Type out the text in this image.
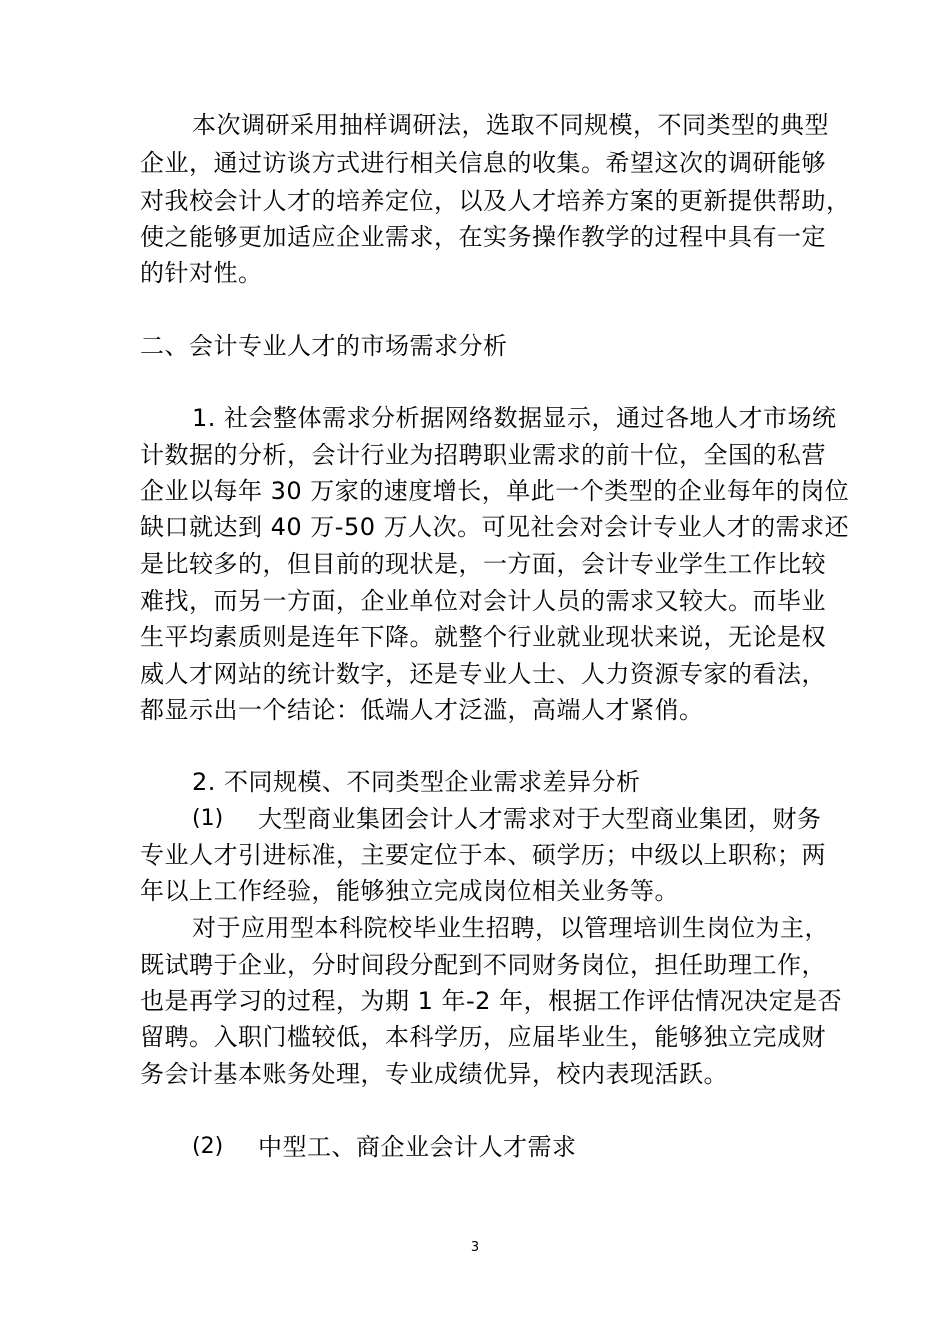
本次调研采用抽样调研法，选取不同规模，不同类型的典型
企业，通过访谈方式进行相关信息的收集。希望这次的调研能够
对我校会计人才的培养定位，以及人才培养方案的更新提供帮助，
使之能够更加适应企业需求，在实务操作教学的过程中具有一定
的针对性。
二、会计专业人才的市场需求分析
1. 社会整体需求分析据网络数据显示，通过各地人才市场统
计数据的分析，会计行业为招聘职业需求的前十位，全国的私营
企业以每年 30 万家的速度增长，单此一个类型的企业每年的岗位
缺口就达到 40 万-50 万人次。可见社会对会计专业人才的需求还
是比较多的，但目前的现状是，一方面，会计专业学生工作比较
难找，而另一方面，企业单位对会计人员的需求又较大。而毕业
生平均素质则是连年下降。就整个行业就业现状来说，无论是权
威人才网站的统计数字，还是专业人士、人力资源专家的看法，
都显示出一个结论：低端人才泛滥，高端人才紧俏。
2. 不同规模、不同类型企业需求差异分析
(1) 大型商业集团会计人才需求对于大型商业集团，财务
专业人才引进标准，主要定位于本、硕学历；中级以上职称；两
年以上工作经验，能够独立完成岗位相关业务等。
对于应用型本科院校毕业生招聘，以管理培训生岗位为主，
既试聘于企业，分时间段分配到不同财务岗位，担任助理工作，
也是再学习的过程，为期 1 年-2 年，根据工作评估情况决定是否
留聘。入职门槛较低，本科学历，应届毕业生，能够独立完成财
务会计基本账务处理，专业成绩优异，校内表现活跃。
(2) 中型工、商企业会计人才需求
3
